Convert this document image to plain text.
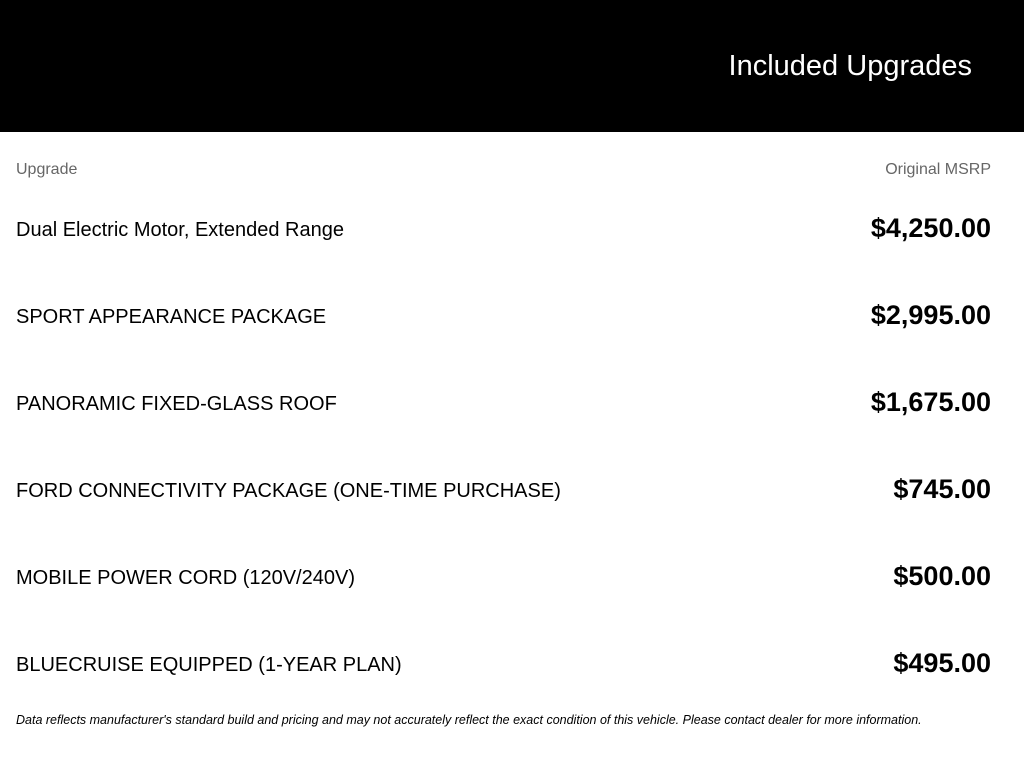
Included Upgrades
Upgrade	Original MSRP
Dual Electric Motor, Extended Range	$4,250.00
SPORT APPEARANCE PACKAGE	$2,995.00
PANORAMIC FIXED-GLASS ROOF	$1,675.00
FORD CONNECTIVITY PACKAGE (ONE-TIME PURCHASE)	$745.00
MOBILE POWER CORD (120V/240V)	$500.00
BLUECRUISE EQUIPPED (1-YEAR PLAN)	$495.00
Data reflects manufacturer's standard build and pricing and may not accurately reflect the exact condition of this vehicle. Please contact dealer for more information.
